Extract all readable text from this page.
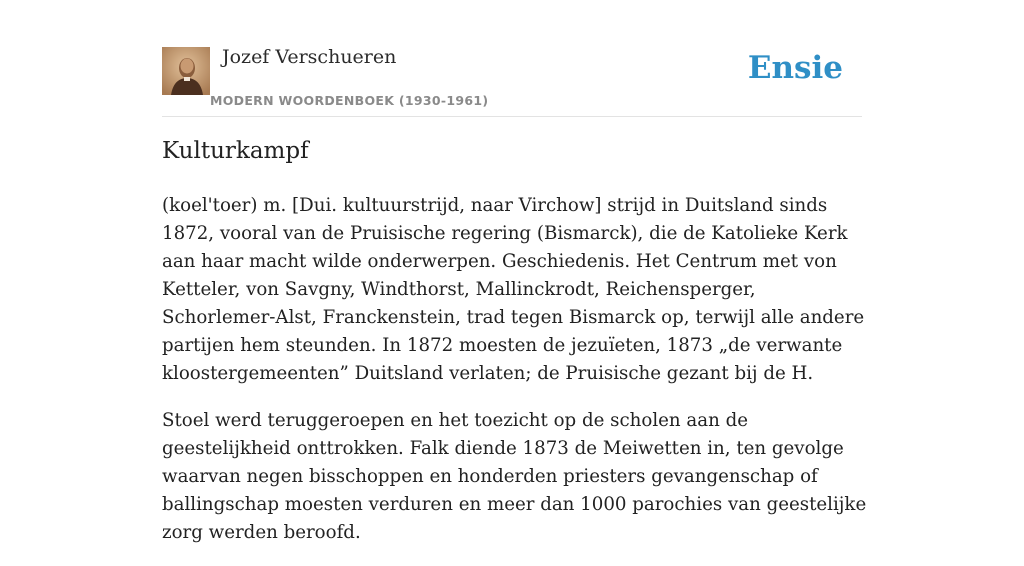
Jozef Verschueren
MODERN WOORDENBOEK (1930-1961)
Ensie
Kulturkampf

(koel'toer) m. [Dui. kultuurstrijd, naar Virchow] strijd in Duitsland sinds 1872, vooral van de Pruisische regering (Bismarck), die de Katolieke Kerk aan haar macht wilde onderwerpen. Geschiedenis. Het Centrum met von Ketteler, von Savgny, Windthorst, Mallinckrodt, Reichensperger, Schorlemer-Alst, Franckenstein, trad tegen Bismarck op, terwijl alle andere partijen hem steunden. In 1872 moesten de jezuïeten, 1873 „de verwante kloostergemeenten” Duitsland verlaten; de Pruisische gezant bij de H.

Stoel werd teruggeroepen en het toezicht op de scholen aan de geestelijkheid onttrokken. Falk diende 1873 de Meiwetten in, ten gevolge waarvan negen bisschoppen en honderden priesters gevangenschap of ballingschap moesten verduren en meer dan 1000 parochies van geestelijke zorg werden beroofd.
